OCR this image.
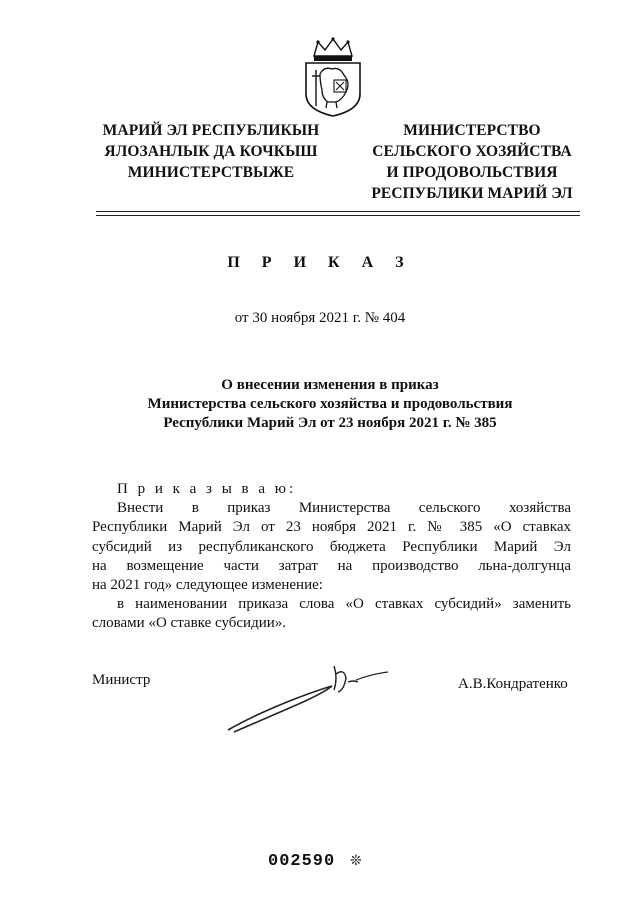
МАРИЙ ЭЛ РЕСПУБЛИКЫН
ЯЛОЗАНЛЫК ДА КОЧКЫШ
МИНИСТЕРСТВЫЖЕ
МИНИСТЕРСТВО
СЕЛЬСКОГО ХОЗЯЙСТВА
И ПРОДОВОЛЬСТВИЯ
РЕСПУБЛИКИ МАРИЙ ЭЛ
П Р И К А З
от 30 ноября 2021 г. № 404
О внесении изменения в приказ
Министерства сельского хозяйства и продовольствия
Республики Марий Эл от 23 ноября 2021 г. № 385
П р и к а з ы в а ю:
Внести в приказ Министерства сельского хозяйства
Республики Марий Эл от 23 ноября 2021 г. № 385 «О ставках
субсидий из республиканского бюджета Республики Марий Эл
на возмещение части затрат на производство льна-долгунца
на 2021 год» следующее изменение:
в наименовании приказа слова «О ставках субсидий» заменить
словами «О ставке субсидии».
Министр	А.В.Кондратенко
002590 ❊
